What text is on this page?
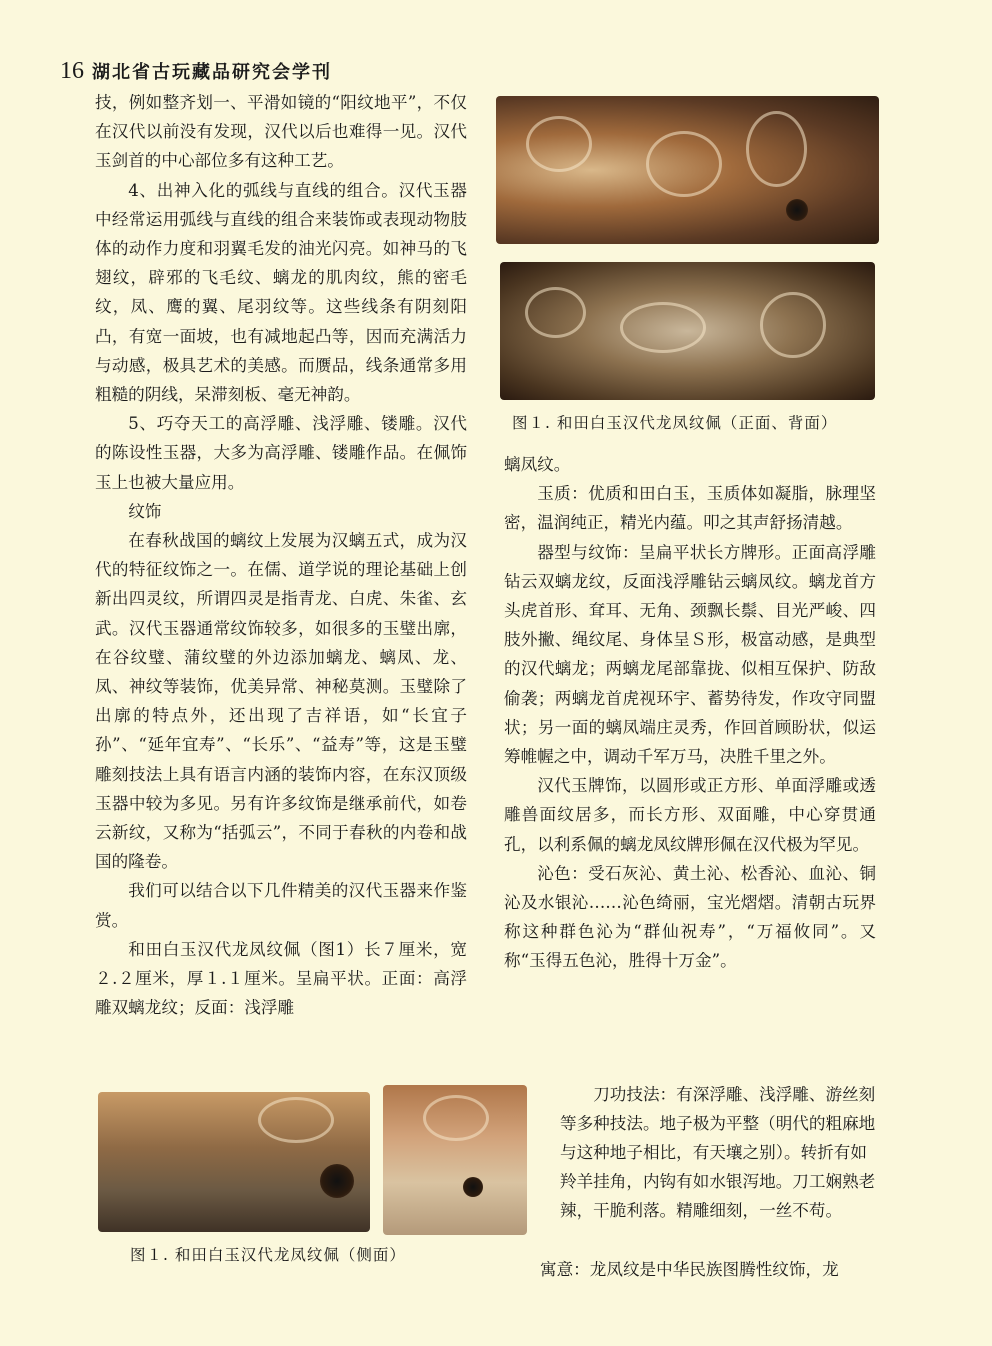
16 湖北省古玩藏品研究会学刊

技，例如整齐划一、平滑如镜的“阳纹地平”，不仅在汉代以前没有发现，汉代以后也难得一见。汉代玉剑首的中心部位多有这种工艺。

4、出神入化的弧线与直线的组合。汉代玉器中经常运用弧线与直线的组合来装饰或表现动物肢体的动作力度和羽翼毛发的油光闪亮。如神马的飞翅纹，辟邪的飞毛纹、螭龙的肌肉纹，熊的密毛纹，凤、鹰的翼、尾羽纹等。这些线条有阴刻阳凸，有宽一面坡，也有减地起凸等，因而充满活力与动感，极具艺术的美感。而赝品，线条通常多用粗糙的阴线，呆滞刻板、毫无神韵。

5、巧夺天工的高浮雕、浅浮雕、镂雕。汉代的陈设性玉器，大多为高浮雕、镂雕作品。在佩饰玉上也被大量应用。

纹饰

在春秋战国的螭纹上发展为汉螭五式，成为汉代的特征纹饰之一。在儒、道学说的理论基础上创新出四灵纹，所谓四灵是指青龙、白虎、朱雀、玄武。汉代玉器通常纹饰较多，如很多的玉璧出廓，在谷纹璧、蒲纹璧的外边添加螭龙、螭凤、龙、凤、神纹等装饰，优美异常、神秘莫测。玉璧除了出廓的特点外，还出现了吉祥语，如“长宜子孙”、“延年宜寿”、“长乐”、“益寿”等，这是玉璧雕刻技法上具有语言内涵的装饰内容，在东汉顶级玉器中较为多见。另有许多纹饰是继承前代，如卷云新纹，又称为“括弧云”，不同于春秋的内卷和战国的隆卷。

我们可以结合以下几件精美的汉代玉器来作鉴赏。

和田白玉汉代龙凤纹佩（图1）长７厘米，宽２.２厘米，厚１.１厘米。呈扁平状。正面：高浮雕双螭龙纹；反面：浅浮雕

图１. 和田白玉汉代龙凤纹佩（正面、背面）

螭凤纹。

玉质：优质和田白玉，玉质体如凝脂，脉理坚密，温润纯正，精光内蕴。叩之其声舒扬清越。

器型与纹饰：呈扁平状长方牌形。正面高浮雕钻云双螭龙纹，反面浅浮雕钻云螭凤纹。螭龙首方头虎首形、耷耳、无角、颈飘长鬃、目光严峻、四肢外撇、绳纹尾、身体呈Ｓ形，极富动感，是典型的汉代螭龙；两螭龙尾部靠拢、似相互保护、防敌偷袭；两螭龙首虎视环宇、蓄势待发，作攻守同盟状；另一面的螭凤端庄灵秀，作回首顾盼状，似运筹帷幄之中，调动千军万马，决胜千里之外。

汉代玉牌饰，以圆形或正方形、单面浮雕或透雕兽面纹居多，而长方形、双面雕，中心穿贯通孔，以利系佩的螭龙凤纹牌形佩在汉代极为罕见。

沁色：受石灰沁、黄土沁、松香沁、血沁、铜沁及水银沁……沁色绮丽，宝光熠熠。清朝古玩界称这种群色沁为“群仙祝寿”，“万福攸同”。又称“玉得五色沁，胜得十万金”。

刀功技法：有深浮雕、浅浮雕、游丝刻等多种技法。地子极为平整（明代的粗麻地与这种地子相比，有天壤之别）。转折有如羚羊挂角，内钩有如水银泻地。刀工娴熟老辣，干脆利落。精雕细刻，一丝不苟。

寓意：龙凤纹是中华民族图腾性纹饰，龙

图１. 和田白玉汉代龙凤纹佩（侧面）
